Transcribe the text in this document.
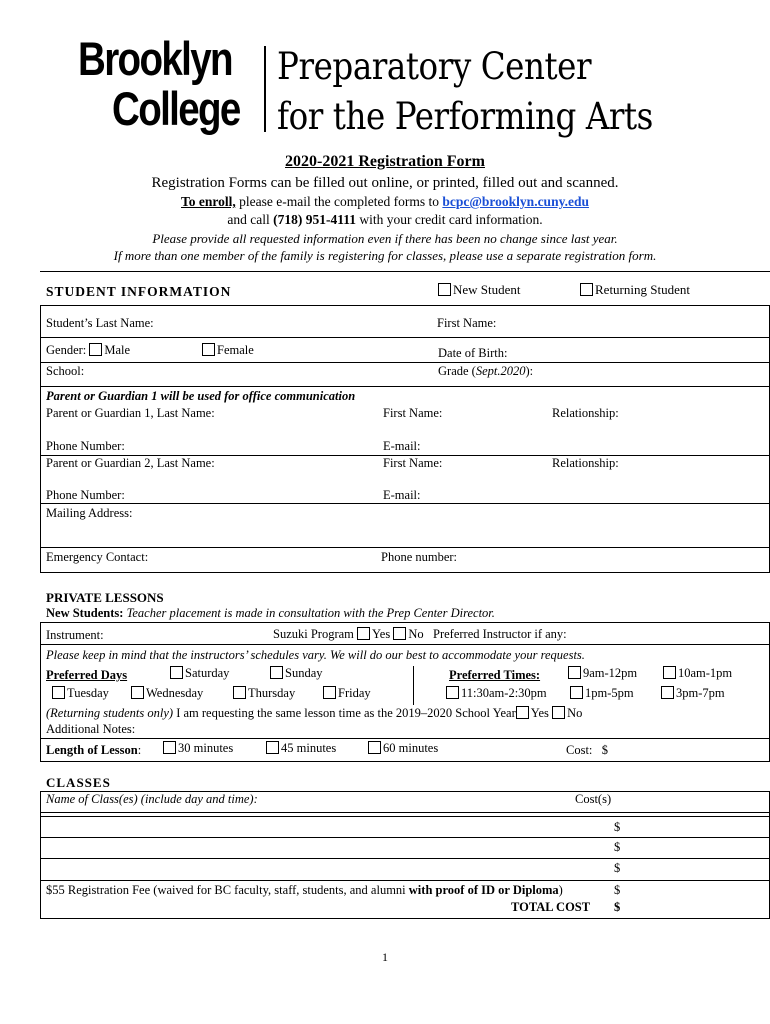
Brooklyn
College
Preparatory Center
for the Performing Arts
2020-2021 Registration Form
Registration Forms can be filled out online, or printed, filled out and scanned.
To enroll, please e-mail the completed forms to bcpc@brooklyn.cuny.edu
and call (718) 951-4111 with your credit card information.
Please provide all requested information even if there has been no change since last year.
If more than one member of the family is registering for classes, please use a separate registration form.
STUDENT INFORMATION	New Student	Returning Student
Student’s Last Name:	First Name:
Gender: Male	Female	Date of Birth:
School:	Grade (Sept.2020):
Parent or Guardian 1 will be used for office communication
Parent or Guardian 1, Last Name:	First Name:	Relationship:
Phone Number:	E-mail:
Parent or Guardian 2, Last Name:	First Name:	Relationship:
Phone Number:	E-mail:
Mailing Address:
Emergency Contact:	Phone number:
PRIVATE LESSONS
New Students: Teacher placement is made in consultation with the Prep Center Director.
Instrument:	Suzuki Program Yes No Preferred Instructor if any:
Please keep in mind that the instructors’ schedules vary. We will do our best to accommodate your requests.
Preferred Days	Saturday	Sunday
Tuesday	Wednesday	Thursday	Friday
Preferred Times:	9am-12pm	10am-1pm
11:30am-2:30pm	1pm-5pm	3pm-7pm
(Returning students only) I am requesting the same lesson time as the 2019–2020 School Year Yes No
Additional Notes:
Length of Lesson:	30 minutes	45 minutes	60 minutes	Cost: $
CLASSES
Name of Class(es) (include day and time):	Cost(s)
$
$
$
$55 Registration Fee (waived for BC faculty, staff, students, and alumni with proof of ID or Diploma)	$
TOTAL COST $
1
